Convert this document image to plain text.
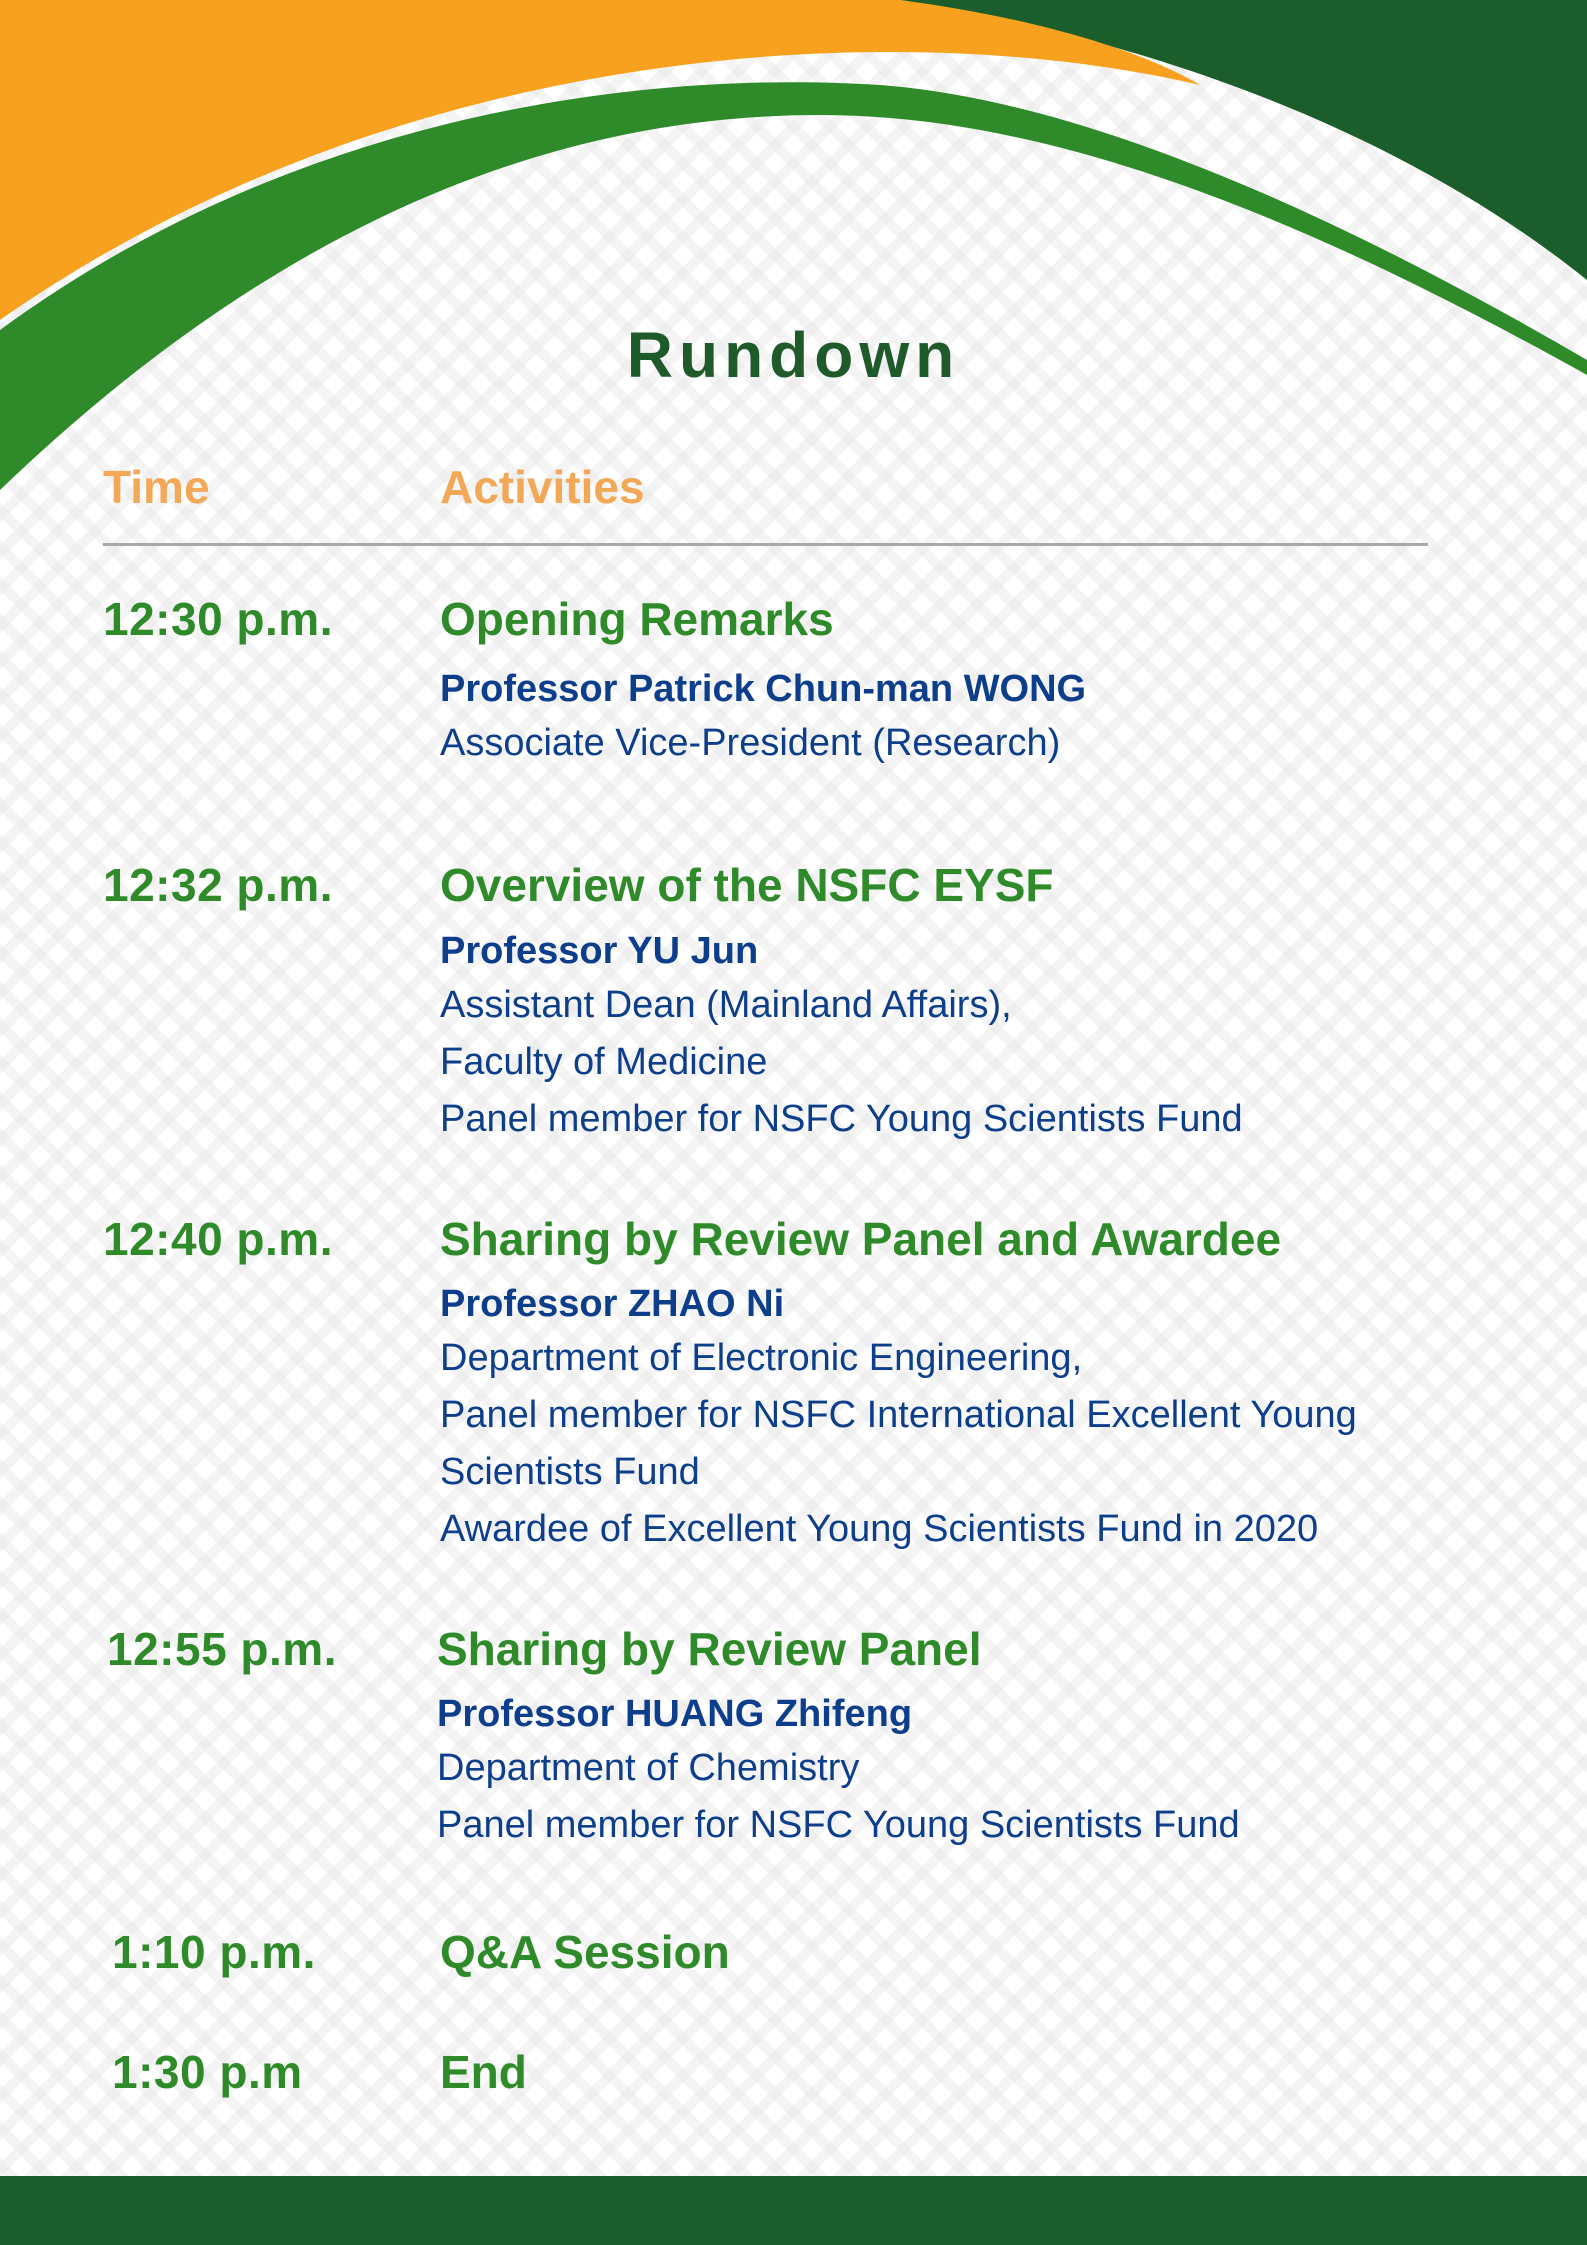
Rundown
Time	Activities
12:30 p.m.	Opening Remarks
Professor Patrick Chun-man WONG
Associate Vice-President (Research)
12:32 p.m.	Overview of the NSFC EYSF
Professor YU Jun
Assistant Dean (Mainland Affairs),
Faculty of Medicine
Panel member for NSFC Young Scientists Fund
12:40 p.m.	Sharing by Review Panel and Awardee
Professor ZHAO Ni
Department of Electronic Engineering,
Panel member for NSFC International Excellent Young
Scientists Fund
Awardee of Excellent Young Scientists Fund in 2020
12:55 p.m.	Sharing by Review Panel
Professor HUANG Zhifeng
Department of Chemistry
Panel member for NSFC Young Scientists Fund
1:10 p.m.	Q&A Session
1:30 p.m	End
